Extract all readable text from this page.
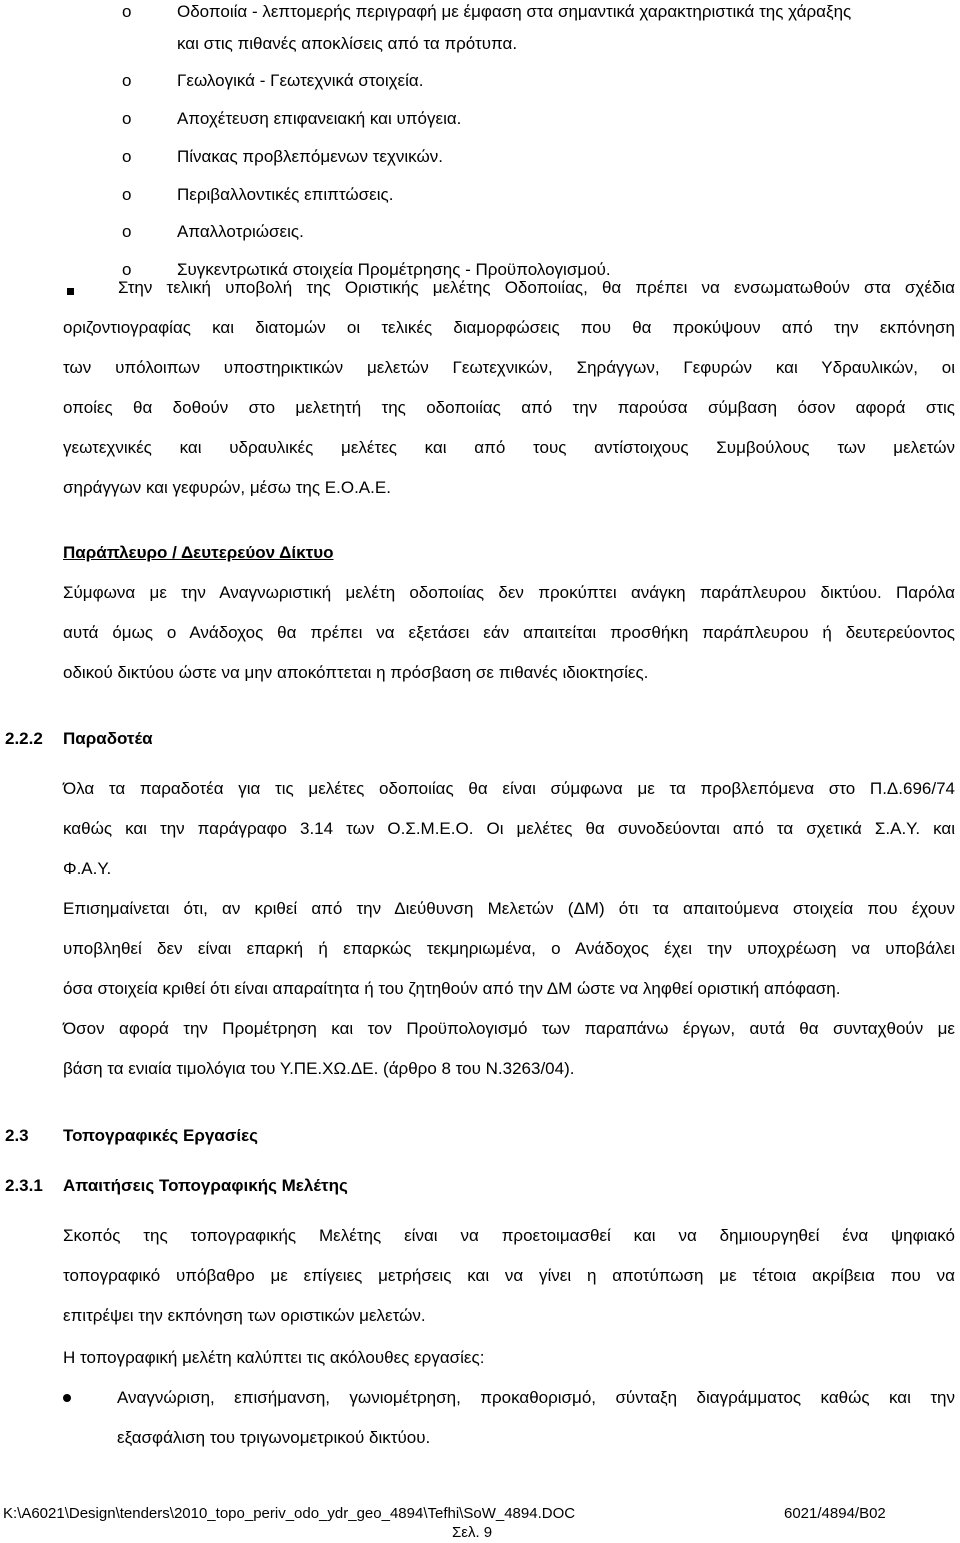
o	Οδοποιία - λεπτομερής περιγραφή με έμφαση στα σημαντικά χαρακτηριστικά της χάραξης
και στις πιθανές αποκλίσεις από τα πρότυπα.
o	Γεωλογικά - Γεωτεχνικά στοιχεία.
o	Αποχέτευση επιφανειακή και υπόγεια.
o	Πίνακας προβλεπόμενων τεχνικών.
o	Περιβαλλοντικές επιπτώσεις.
o	Απαλλοτριώσεις.
o	Συγκεντρωτικά στοιχεία Προμέτρησης - Προϋπολογισμού.
Στην τελική υποβολή της Οριστικής μελέτης Οδοποιίας, θα πρέπει να ενσωματωθούν στα σχέδια
οριζοντιογραφίας και διατομών οι τελικές διαμορφώσεις που θα προκύψουν από την εκπόνηση
των υπόλοιπων υποστηρικτικών μελετών Γεωτεχνικών, Σηράγγων, Γεφυρών και Υδραυλικών, οι
οποίες θα δοθούν στο μελετητή της οδοποιίας από την παρούσα σύμβαση όσον αφορά στις
γεωτεχνικές και υδραυλικές μελέτες και από τους αντίστοιχους Συμβούλους των μελετών
σηράγγων και γεφυρών, μέσω της Ε.Ο.Α.Ε.
Παράπλευρο / Δευτερεύον Δίκτυο
Σύμφωνα με την Αναγνωριστική μελέτη οδοποιίας δεν προκύπτει ανάγκη παράπλευρου δικτύου. Παρόλα
αυτά όμως ο Ανάδοχος θα πρέπει να εξετάσει εάν απαιτείται προσθήκη παράπλευρου ή δευτερεύοντος
οδικού δικτύου ώστε να μην αποκόπτεται η πρόσβαση σε πιθανές ιδιοκτησίες.
2.2.2 Παραδοτέα
Όλα τα παραδοτέα για τις μελέτες οδοποιίας θα είναι σύμφωνα με τα προβλεπόμενα στο Π.Δ.696/74
καθώς και την παράγραφο 3.14 των Ο.Σ.Μ.Ε.Ο. Οι μελέτες θα συνοδεύονται από τα σχετικά Σ.Α.Υ. και
Φ.Α.Υ.
Επισημαίνεται ότι, αν κριθεί από την Διεύθυνση Μελετών (ΔΜ) ότι τα απαιτούμενα στοιχεία που έχουν
υποβληθεί δεν είναι επαρκή ή επαρκώς τεκμηριωμένα, ο Ανάδοχος έχει την υποχρέωση να υποβάλει
όσα στοιχεία κριθεί ότι είναι απαραίτητα ή του ζητηθούν από την ΔΜ ώστε να ληφθεί οριστική απόφαση.
Όσον αφορά την Προμέτρηση και τον Προϋπολογισμό των παραπάνω έργων, αυτά θα συνταχθούν με
βάση τα ενιαία τιμολόγια του Υ.ΠΕ.ΧΩ.ΔΕ. (άρθρο 8 του Ν.3263/04).
2.3 Τοπογραφικές Εργασίες
2.3.1 Απαιτήσεις Τοπογραφικής Μελέτης
Σκοπός της τοπογραφικής Μελέτης είναι να προετοιμασθεί και να δημιουργηθεί ένα ψηφιακό
τοπογραφικό υπόβαθρο με επίγειες μετρήσεις και να γίνει η αποτύπωση με τέτοια ακρίβεια που να
επιτρέψει την εκπόνηση των οριστικών μελετών.
Η τοπογραφική μελέτη καλύπτει τις ακόλουθες εργασίες:
Αναγνώριση, επισήμανση, γωνιομέτρηση, προκαθορισμό, σύνταξη διαγράμματος καθώς και την
εξασφάλιση του τριγωνομετρικού δικτύου.
K:\A6021\Design\tenders\2010_topo_periv_odo_ydr_geo_4894\Tefhi\SoW_4894.DOC	6021/4894/B02
Σελ. 9
